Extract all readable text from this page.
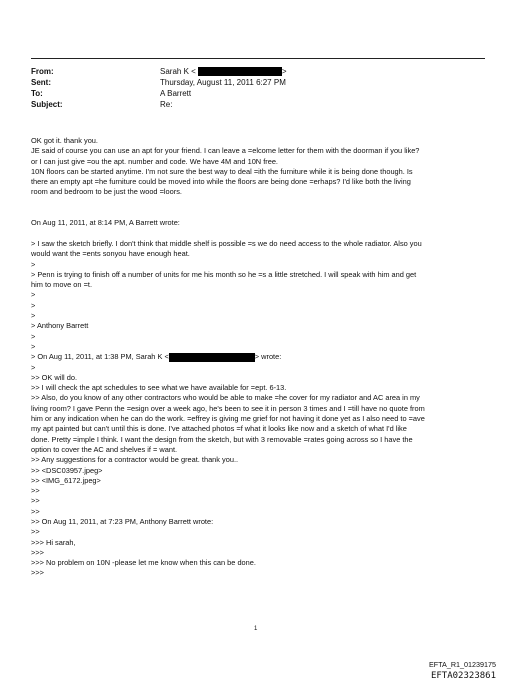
From:	Sarah K <	>
Sent:	Thursday, August 11, 2011 6:27 PM
To:	A Barrett
Subject:	Re:

OK got it. thank you.

JE said of course you can use an apt for your friend. I can leave a =elcome letter for them with the doorman if you like?

or I can just give =ou the apt. number and code. We have 4M and 10N free.

10N floors can be started anytime. I'm not sure the best way to deal =ith the furniture while it is being done though. Is

there an empty apt =he furniture could be moved into while the floors are being done =erhaps? I'd like both the living

room and bedroom to be just the wood =loors.

On Aug 11, 2011, at 8:14 PM, A Barrett wrote:

> I saw the sketch briefly. I don't think that middle shelf is possible =s we do need access to the whole radiator. Also you

would want the =ents sonyou have enough heat.

>

> Penn is trying to finish off a number of units for me his month so he =s a little stretched. I will speak with him and get

him to move on =t.

>

>

>

> Anthony Barrett

>

>

> On Aug 11, 2011, at 1:38 PM, Sarah K <	> wrote:

>

>> OK will do.

>> I will check the apt schedules to see what we have available for =ept. 6-13.

>> Also, do you know of any other contractors who would be able to make =he cover for my radiator and AC area in my

living room? I gave Penn the =esign over a week ago, he's been to see it in person 3 times and I =till have no quote from

him or any indication when he can do the work. =effrey is giving me grief for not having it done yet as I also need to =ave

my apt painted but can't until this is done. I've attached photos =f what it looks like now and a sketch of what I'd like

done. Pretty =imple I think. I want the design from the sketch, but with 3 removable =rates going across so I have the

option to cover the AC and shelves if = want.

>> Any suggestions for a contractor would be great. thank you..

>> <DSC03957.jpeg>

>> <IMG_6172.jpeg>

>>

>>

>>

>> On Aug 11, 2011, at 7:23 PM, Anthony Barrett wrote:

>>

>>> Hi sarah,

>>>

>>> No problem on 10N -please let me know when this can be done.

>>>

1
EFTA_R1_01239175
EFTA02323861
